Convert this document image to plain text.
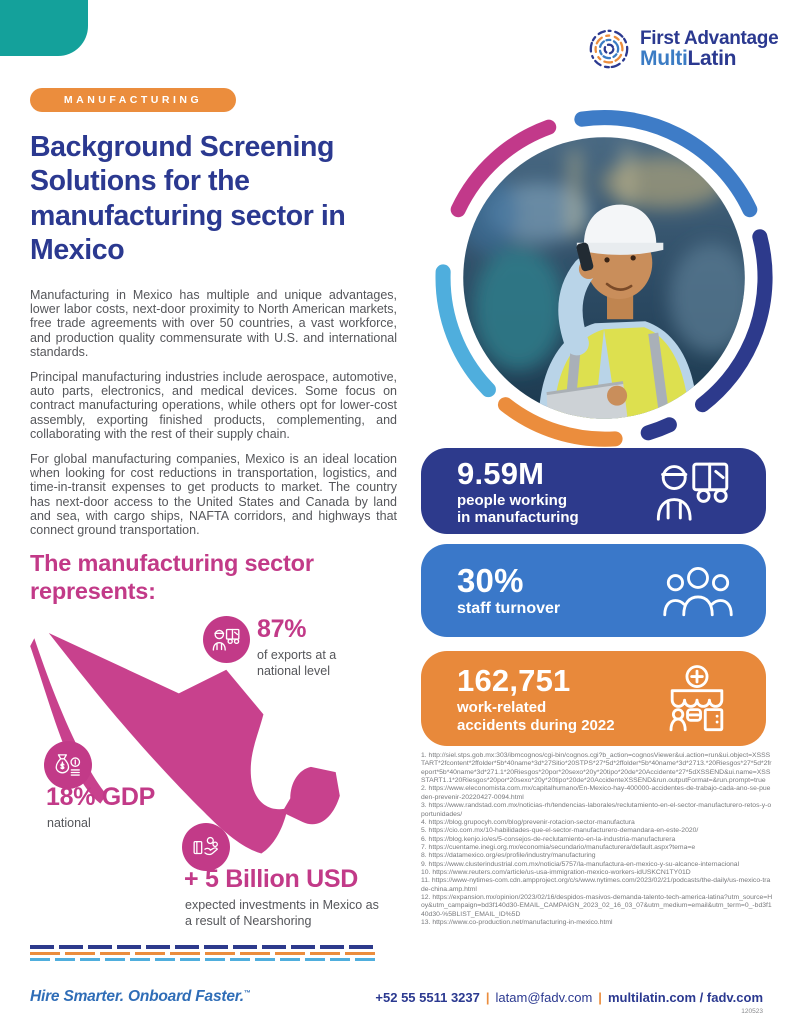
First Advantage
MultiLatin
MANUFACTURING
Background Screening Solutions for the manufacturing sector in Mexico

Manufacturing in Mexico has multiple and unique advantages, lower labor costs, next-door proximity to North American markets, free trade agreements with over 50 countries, a vast workforce, and production quality commensurate with U.S. and international standards.

Principal manufacturing industries include aerospace, automotive, auto parts, electronics, and medical devices. Some focus on contract manufacturing operations, while others opt for lower-cost assembly, exporting finished products, complementing, and collaborating with the rest of their supply chain.

For global manufacturing companies, Mexico is an ideal location when looking for cost reductions in transportation, logistics, and time-in-transit expenses to get products to market. The country has next-door access to the United States and Canada by land and sea, with cargo ships, NAFTA corridors, and highways that connect ground transportation.

The manufacturing sector represents:
87%
of exports at a
national level
18% GDP
national
+ 5 Billion USD
expected investments in Mexico as
a result of Nearshoring
9.59M
people working
in manufacturing
30%
staff turnover
162,751
work-related
accidents during 2022
1. http://siel.stps.gob.mx:303/ibmcognos/cgi-bin/cognos.cgi?b_action=cognosViewer&ui.action=run&ui.object=XSSSTART*2fcontent*2ffolder*5b*40name*3d*27Sitio*20STPS*27*5d*2ffolder*5b*40name*3d*2713.*20Riesgos*27*5d*2freport*5b*40name*3d*271.1*20Riesgos*20por*20sexo*20y*20tipo*20de*20Accidente*27*5dXSSEND&ui.name=XSSSTART1.1*20Riesgos*20por*20sexo*20y*20tipo*20de*20AccidenteXSSEND&run.outputFormat=&run.prompt=true
2. https://www.eleconomista.com.mx/capitalhumano/En-Mexico-hay-400000-accidentes-de-trabajo-cada-ano-se-pueden-prevenir-20220427-0094.html
3. https://www.randstad.com.mx/noticias-rh/tendencias-laborales/reclutamiento-en-el-sector-manufacturero-retos-y-oportunidades/
4. https://blog.grupocyh.com/blog/prevenir-rotacion-sector-manufactura
5. https://cio.com.mx/10-habilidades-que-el-sector-manufacturero-demandara-en-este-2020/
6. https://blog.kenjo.io/es/5-consejos-de-reclutamiento-en-la-industria-manufacturera
7. https://cuentame.inegi.org.mx/economia/secundario/manufacturera/default.aspx?tema=e
8. https://datamexico.org/es/profile/industry/manufacturing
9. https://www.clusterindustrial.com.mx/noticia/5757/la-manufactura-en-mexico-y-su-alcance-internacional
10. https://www.reuters.com/article/us-usa-immigration-mexico-workers-idUSKCN1TY01D
11. https://www-nytimes-com.cdn.ampproject.org/c/s/www.nytimes.com/2023/02/21/podcasts/the-daily/us-mexico-trade-china.amp.html
12. https://expansion.mx/opinion/2023/02/16/despidos-masivos-demanda-talento-tech-america-latina?utm_source=Hoy&utm_campaign=bd3f140d30-EMAIL_CAMPAIGN_2023_02_16_03_07&utm_medium=email&utm_term=0_-bd3f140d30-%5BLIST_EMAIL_ID%5D
13. https://www.co-production.net/manufacturing-in-mexico.html
Hire Smarter. Onboard Faster.™	+52 55 5511 3237 | latam@fadv.com | multilatin.com / fadv.com
120523
